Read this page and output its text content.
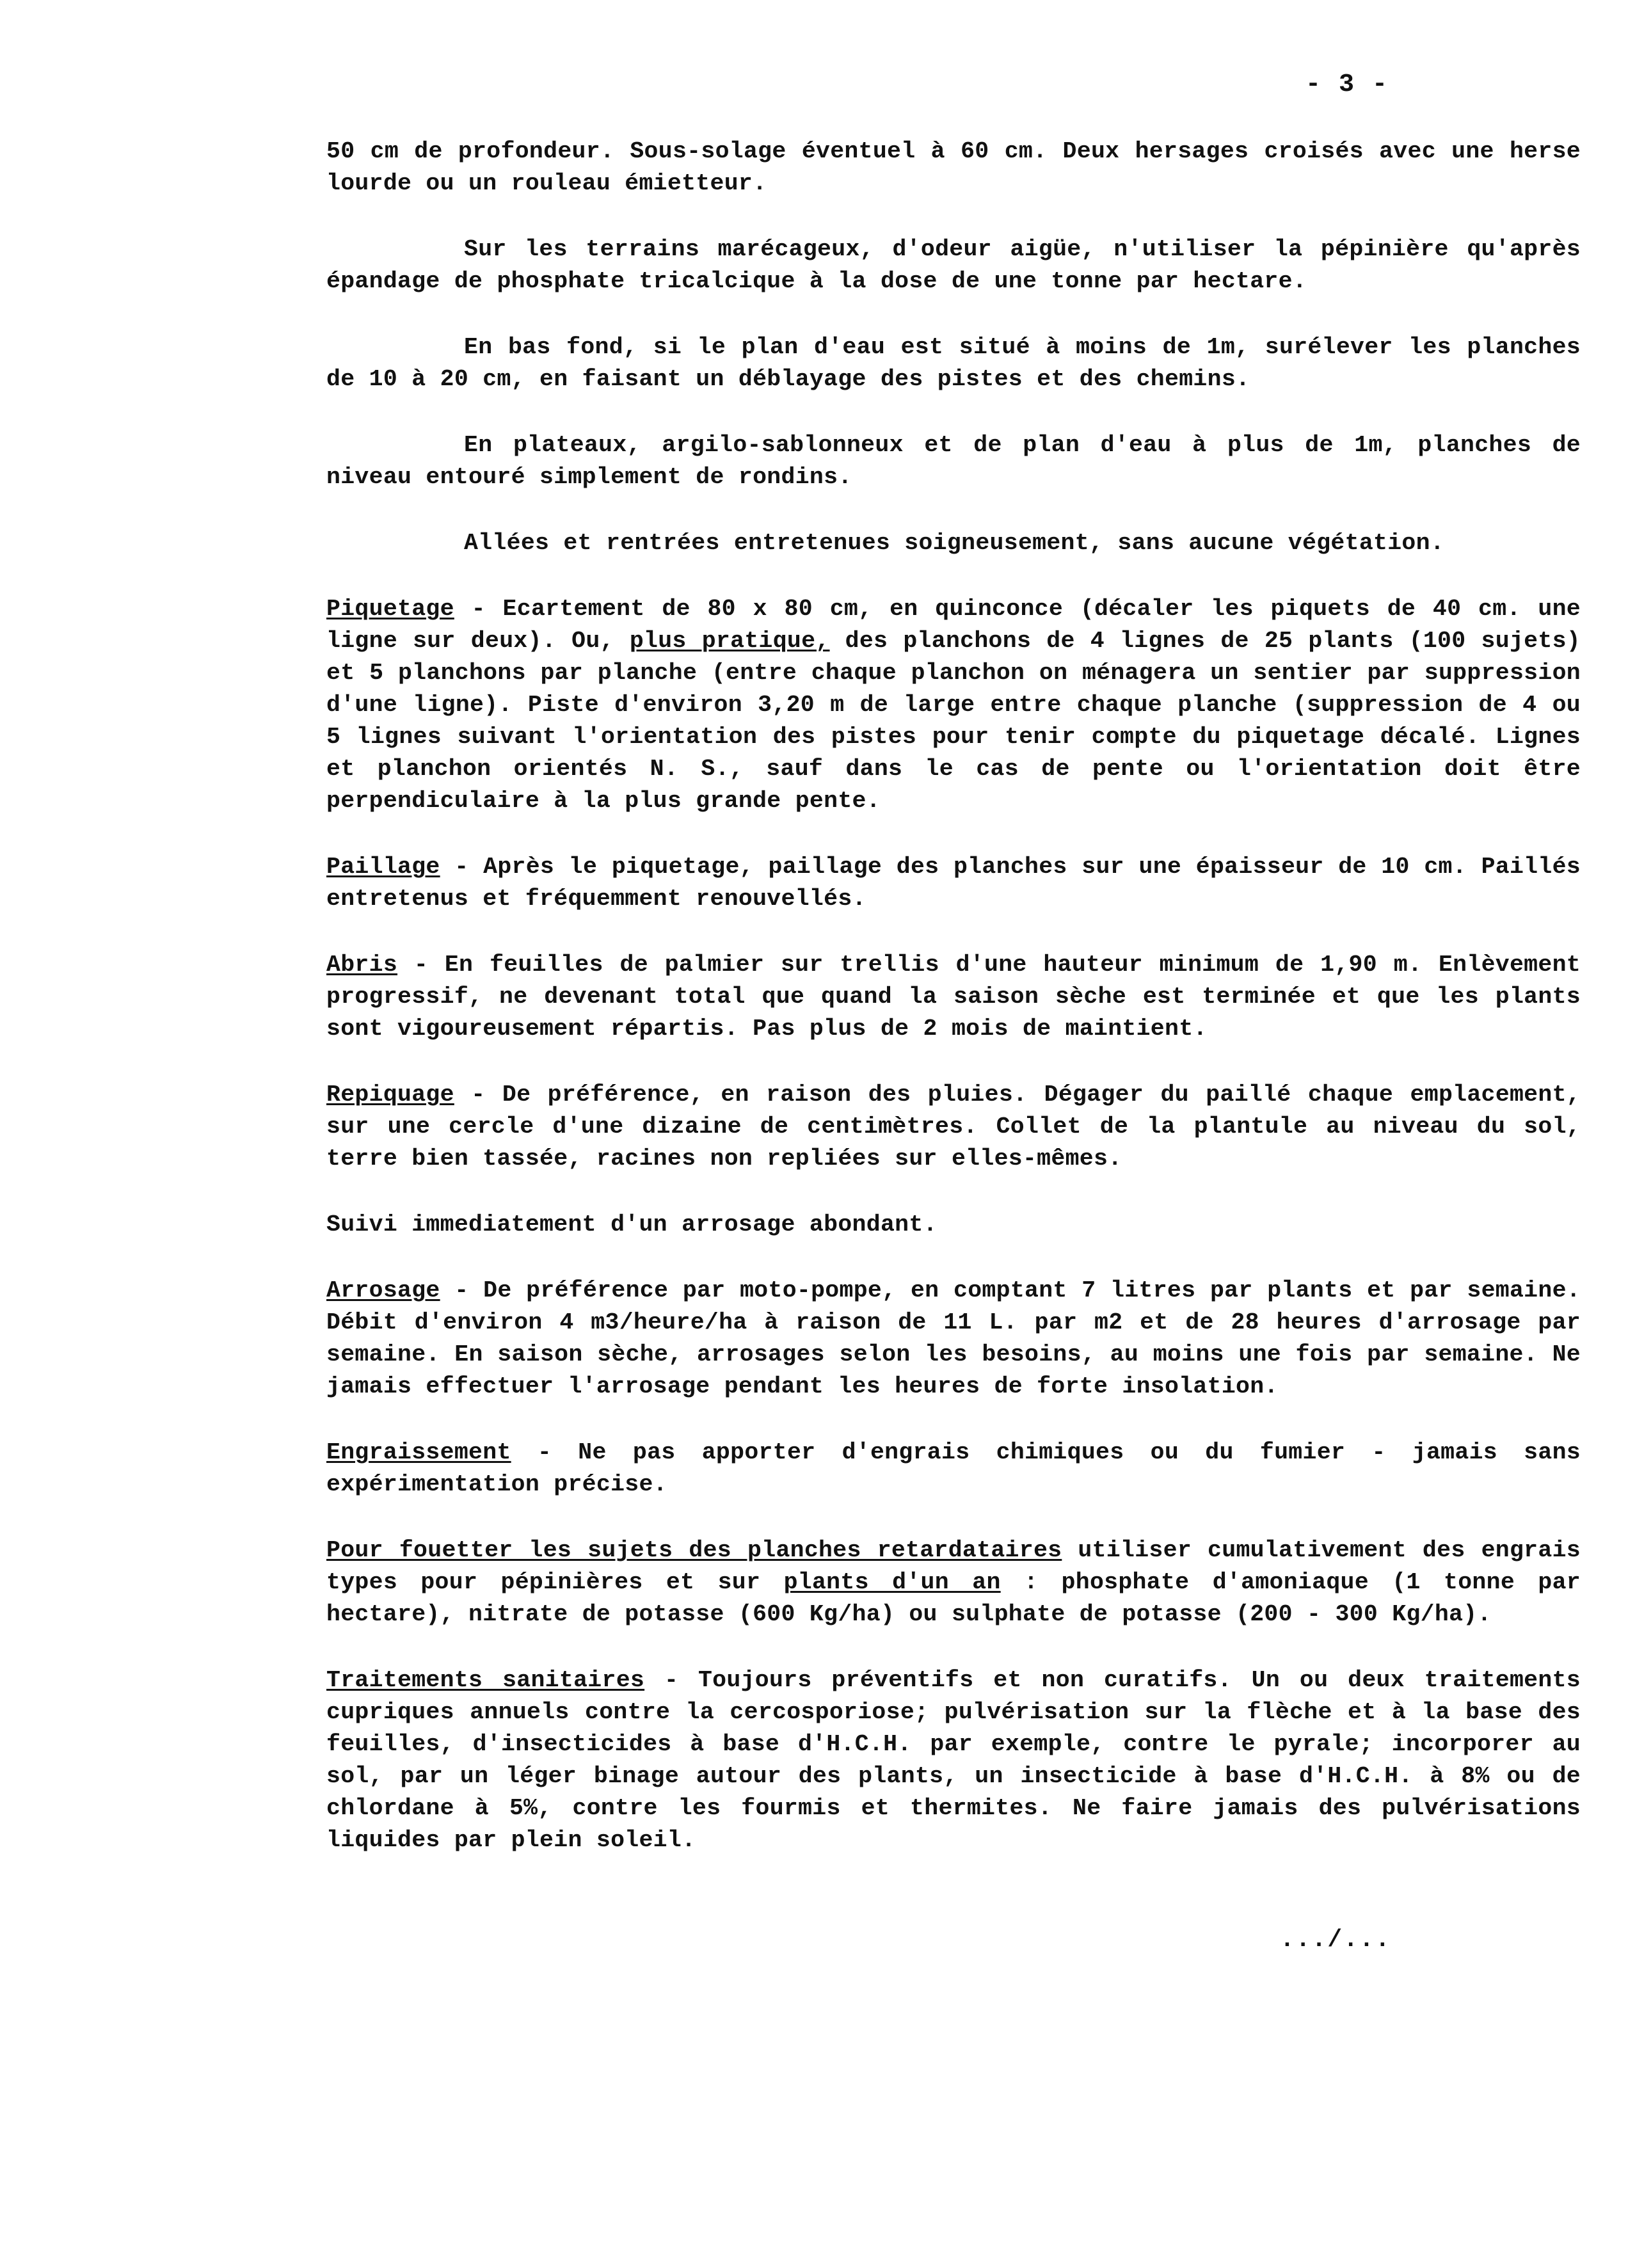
- 3 -

50 cm de profondeur. Sous-solage éventuel à 60 cm. Deux hersages croisés avec une herse lourde ou un rouleau émietteur.

Sur les terrains marécageux, d'odeur aigüe, n'utiliser la pépinière qu'après épandage de phosphate tricalcique à la dose de une tonne par hectare.

En bas fond, si le plan d'eau est situé à moins de 1m, surélever les planches de 10 à 20 cm, en faisant un déblayage des pistes et des chemins.

En plateaux, argilo-sablonneux et de plan d'eau à plus de 1m, planches de niveau entouré simplement de rondins.

Allées et rentrées entretenues soigneusement, sans aucune végétation.

Piquetage - Ecartement de 80 x 80 cm, en quinconce (décaler les piquets de 40 cm. une ligne sur deux). Ou, plus pratique, des planchons de 4 lignes de 25 plants (100 sujets) et 5 planchons par planche (entre chaque planchon on ménagera un sentier par suppression d'une ligne). Piste d'environ 3,20 m de large entre chaque planche (suppression de 4 ou 5 lignes suivant l'orientation des pistes pour tenir compte du piquetage décalé. Lignes et planchon orientés N. S., sauf dans le cas de pente ou l'orientation doit être perpendiculaire à la plus grande pente.

Paillage - Après le piquetage, paillage des planches sur une épaisseur de 10 cm. Paillés entretenus et fréquemment renouvellés.

Abris - En feuilles de palmier sur trellis d'une hauteur minimum de 1,90 m. Enlèvement progressif, ne devenant total que quand la saison sèche est terminée et que les plants sont vigoureusement répartis. Pas plus de 2 mois de maintient.

Repiquage - De préférence, en raison des pluies. Dégager du paillé chaque emplacement, sur une cercle d'une dizaine de centimètres. Collet de la plantule au niveau du sol, terre bien tassée, racines non repliées sur elles-mêmes.

Suivi immediatement d'un arrosage abondant.

Arrosage - De préférence par moto-pompe, en comptant 7 litres par plants et par semaine. Débit d'environ 4 m3/heure/ha à raison de 11 L. par m2 et de 28 heures d'arrosage par semaine. En saison sèche, arrosages selon les besoins, au moins une fois par semaine. Ne jamais effectuer l'arrosage pendant les heures de forte insolation.

Engraissement - Ne pas apporter d'engrais chimiques ou du fumier - jamais sans expérimentation précise.

Pour fouetter les sujets des planches retardataires utiliser cumulativement des engrais types pour pépinières et sur plants d'un an : phosphate d'amoniaque (1 tonne par hectare), nitrate de potasse (600 Kg/ha) ou sulphate de potasse (200 - 300 Kg/ha).

Traitements sanitaires - Toujours préventifs et non curatifs. Un ou deux traitements cupriques annuels contre la cercosporiose; pulvérisation sur la flèche et à la base des feuilles, d'insecticides à base d'H.C.H. par exemple, contre le pyrale; incorporer au sol, par un léger binage autour des plants, un insecticide à base d'H.C.H. à 8% ou de chlordane à 5%, contre les fourmis et thermites. Ne faire jamais des pulvérisations liquides par plein soleil.

.../...
